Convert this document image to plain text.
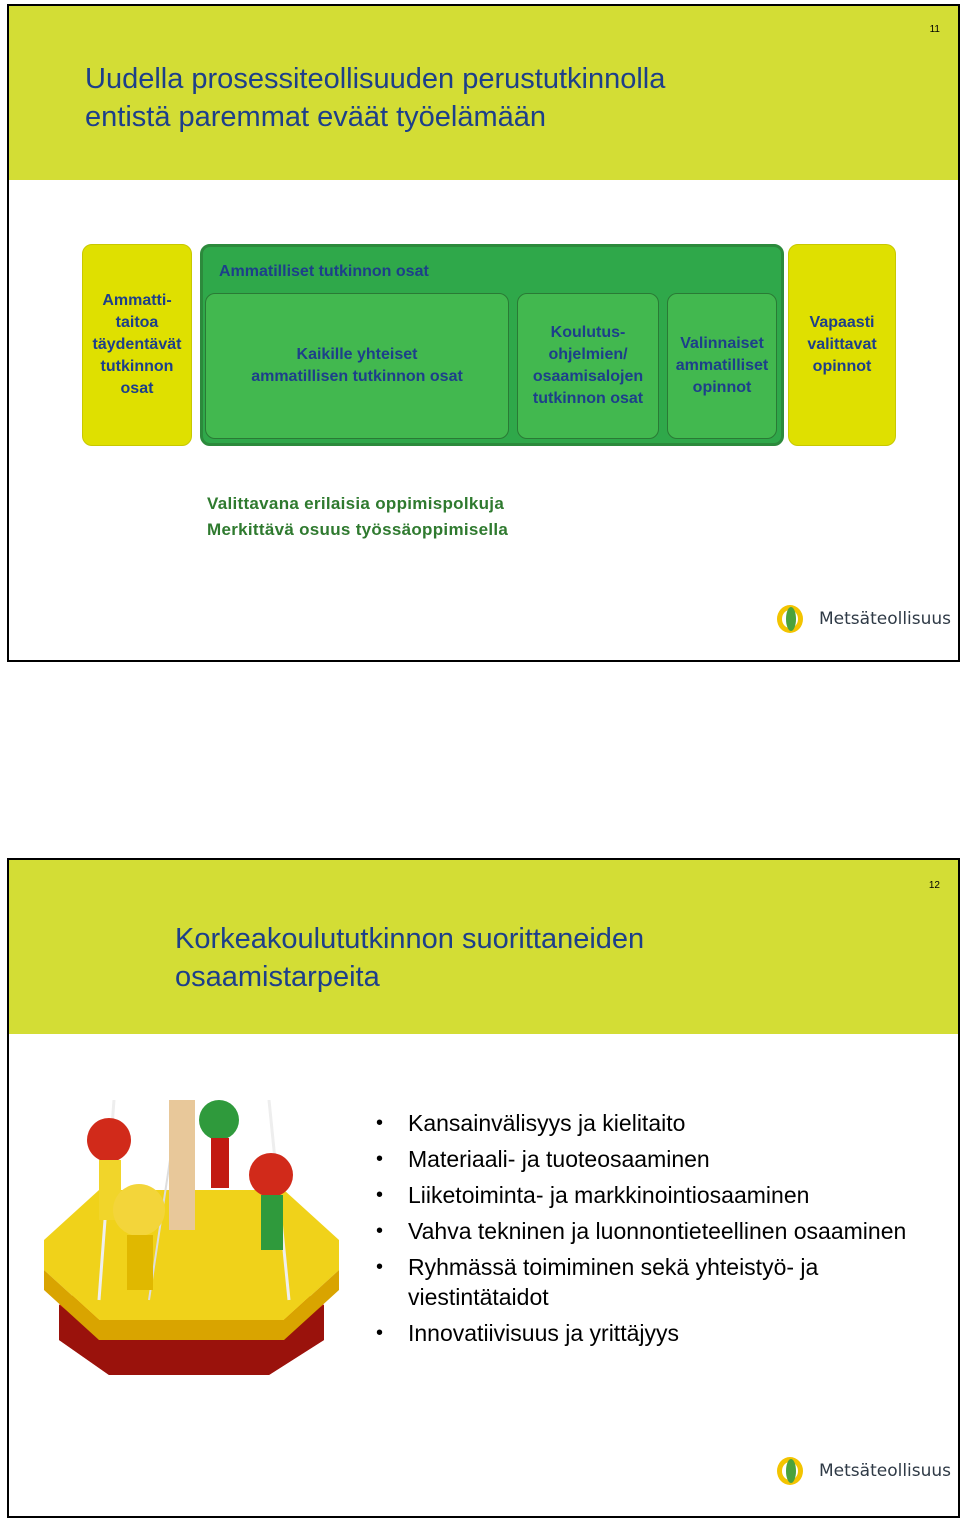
11
Uudella prosessiteollisuuden perustutkinnolla
entistä paremmat eväät työelämään
Ammatti-
taitoa
täydentävät
tutkinnon
osat
Ammatilliset tutkinnon osat
Kaikille yhteiset
ammatillisen tutkinnon osat
Koulutus-
ohjelmien/
osaamisalojen
tutkinnon osat
Valinnaiset
ammatilliset
opinnot
Vapaasti
valittavat
opinnot
Valittavana erilaisia oppimispolkuja
Merkittävä osuus työssäoppimisella
Metsäteollisuus
12
Korkeakoulututkinnon suorittaneiden
osaamistarpeita
• Kansainvälisyys ja kielitaito
• Materiaali- ja tuoteosaaminen
• Liiketoiminta- ja markkinointiosaaminen
• Vahva tekninen ja luonnontieteellinen osaaminen
• Ryhmässä toimiminen sekä yhteistyö- ja viestintätaidot
• Innovatiivisuus ja yrittäjyys
Metsäteollisuus
